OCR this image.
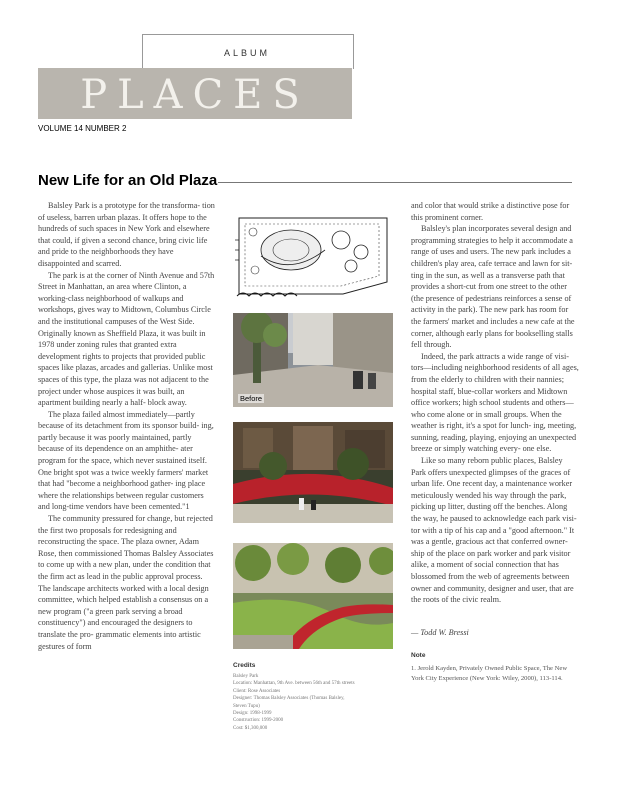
ALBUM
PLACES
VOLUME 14 NUMBER 2
New Life for an Old Plaza

Balsley Park is a prototype for the transforma- tion of useless, barren urban plazas. It offers hope to the hundreds of such spaces in New York and elsewhere that could, if given a second chance, bring civic life and pride to the neighborhoods they have disappointed and scarred.

The park is at the corner of Ninth Avenue and 57th Street in Manhattan, an area where Clinton, a working-class neighborhood of walkups and workshops, gives way to Midtown, Columbus Circle and the institutional campuses of the West Side. Originally known as Sheffield Plaza, it was built in 1978 under zoning rules that granted extra development rights to projects that provided public spaces like plazas, arcades and gallerias. Unlike most spaces of this type, the plaza was not adjacent to the project under whose auspices it was built, an apartment building nearly a half- block away.

The plaza failed almost immediately—partly because of its detachment from its sponsor build- ing, partly because it was poorly maintained, partly because of its dependence on an amphithe- ater program for the space, which never sustained itself. One bright spot was a twice weekly farmers' market that had "become a neighborhood gather- ing place where the relationships between regular customers and long-time vendors have been cemented."1

The community pressured for change, but rejected the first two proposals for redesigning and reconstructing the space. The plaza owner, Adam Rose, then commissioned Thomas Balsley Associates to come up with a new plan, under the condition that the firm act as lead in the public approval process. The landscape architects worked with a local design committee, which helped establish a consensus on a new program ("a green park serving a broad constituency") and encouraged the designers to translate the pro- grammatic elements into artistic gestures of form

Before
Credits
Balsley Park
Location: Manhattan, 9th Ave. between 56th and 57th streets
Client: Rose Associates
Designer: Thomas Balsley Associates (Thomas Balsley,
Steven Tupu)
Design: 1998-1999
Construction: 1999-2000
Cost: $1,300,000

and color that would strike a distinctive pose for this prominent corner.

Balsley's plan incorporates several design and programming strategies to help it accommodate a range of uses and users. The new park includes a children's play area, cafe terrace and lawn for sit- ting in the sun, as well as a transverse path that provides a short-cut from one street to the other (the presence of pedestrians reinforces a sense of activity in the park). The new park has room for the farmers' market and includes a new cafe at the corner, although early plans for bookselling stalls fell through.

Indeed, the park attracts a wide range of visi- tors—including neighborhood residents of all ages, from the elderly to children with their nannies; hospital staff, blue-collar workers and Midtown office workers; high school students and others—who come alone or in small groups. When the weather is right, it's a spot for lunch- ing, meeting, sunning, reading, playing, enjoying an unexpected breeze or simply watching every- one else.

Like so many reborn public places, Balsley Park offers unexpected glimpses of the graces of urban life. One recent day, a maintenance worker meticulously wended his way through the park, picking up litter, dusting off the benches. Along the way, he paused to acknowledge each park visi- tor with a tip of his cap and a "good afternoon." It was a gentle, gracious act that conferred owner- ship of the place on park worker and park visitor alike, a moment of social connection that has blossomed from the web of agreements between owner and community, designer and user, that are the roots of the civic realm.

— Todd W. Bressi
Note
1. Jerold Kayden, Privately Owned Public Space, The New York City Experience (New York: Wiley, 2000), 113-114.
